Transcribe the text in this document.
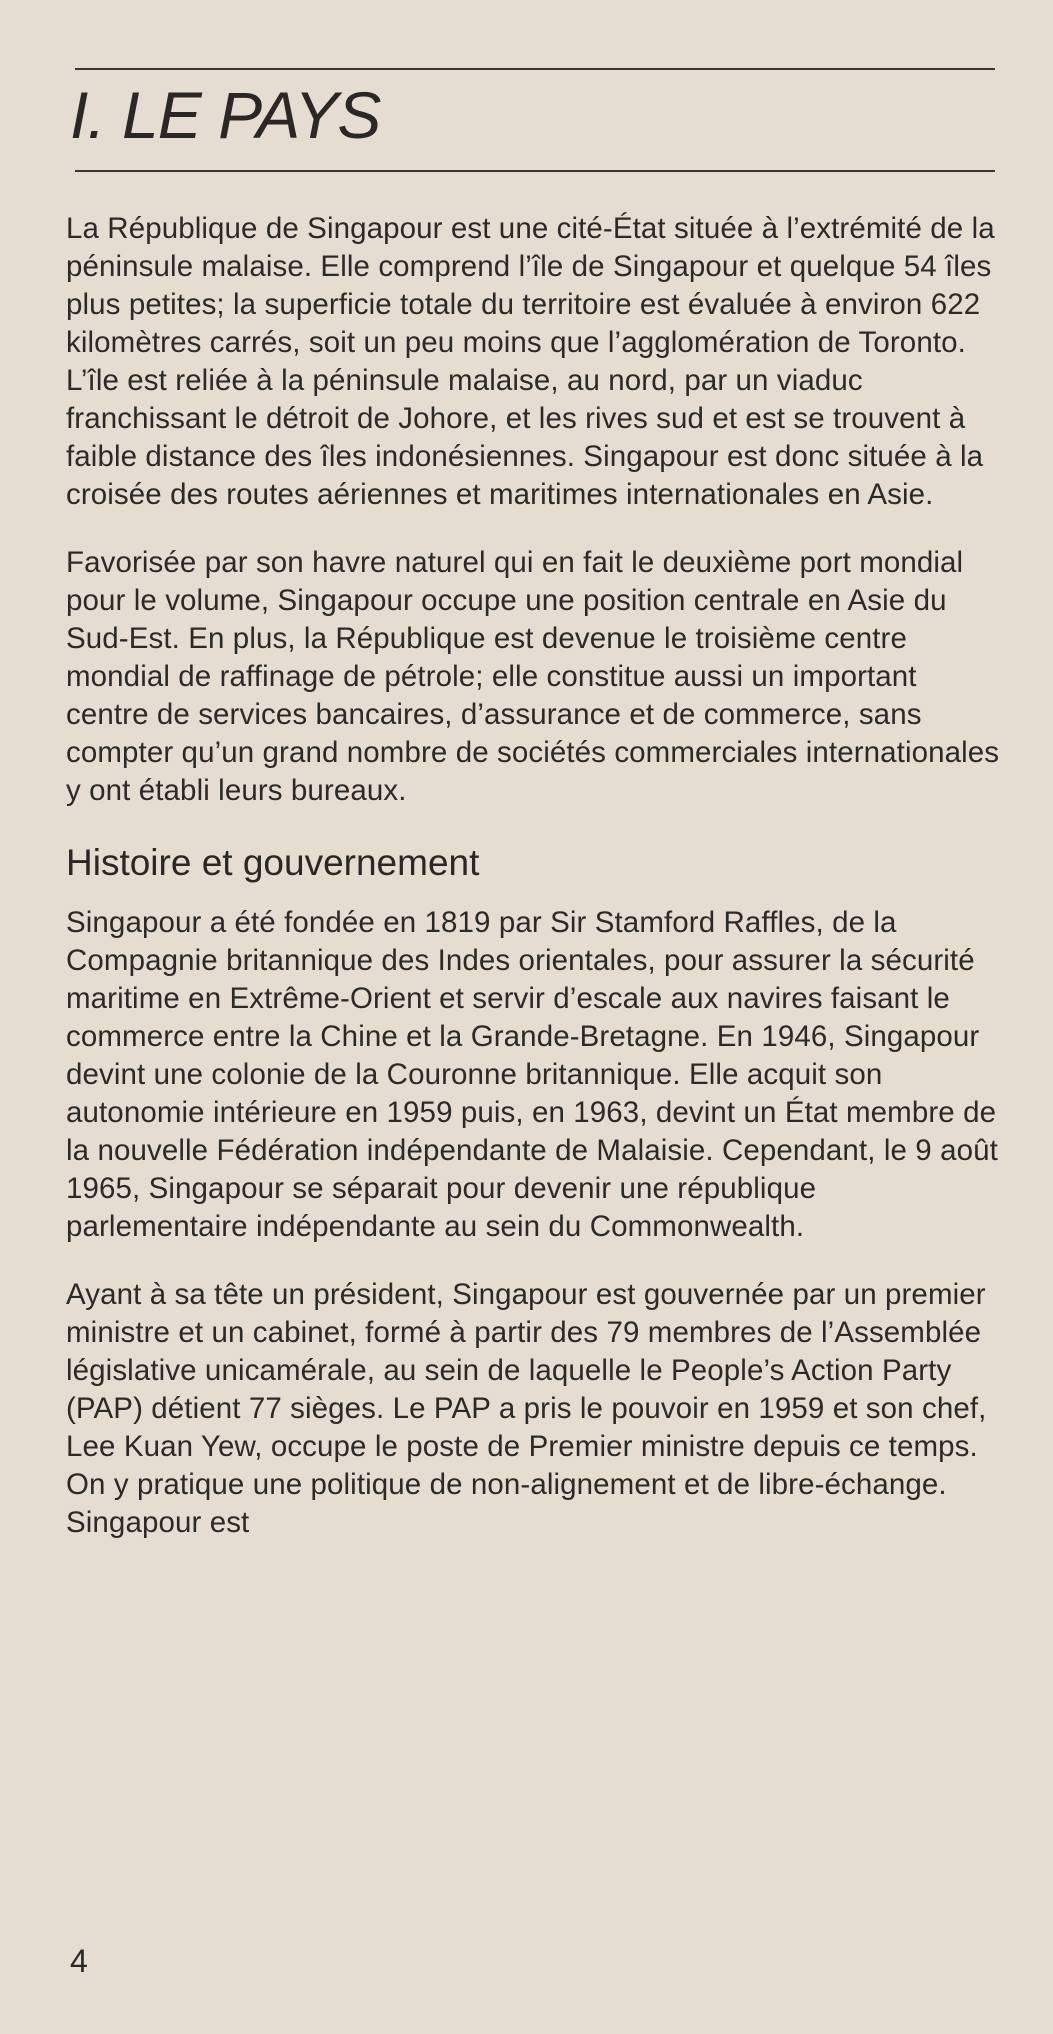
I. LE PAYS

La République de Singapour est une cité-État située à l’extrémité de la péninsule malaise. Elle comprend l’île de Singapour et quelque 54 îles plus petites; la superficie totale du territoire est évaluée à environ 622 kilomètres carrés, soit un peu moins que l’agglomération de Toronto. L’île est reliée à la péninsule malaise, au nord, par un viaduc franchissant le détroit de Johore, et les rives sud et est se trouvent à faible distance des îles indonésiennes. Singapour est donc située à la croisée des routes aériennes et maritimes internationales en Asie.

Favorisée par son havre naturel qui en fait le deuxième port mondial pour le volume, Singapour occupe une position centrale en Asie du Sud-Est. En plus, la République est devenue le troisième centre mondial de raffinage de pétrole; elle constitue aussi un important centre de services bancaires, d’assurance et de commerce, sans compter qu’un grand nombre de sociétés commerciales internationales y ont établi leurs bureaux.

Histoire et gouvernement

Singapour a été fondée en 1819 par Sir Stamford Raffles, de la Compagnie britannique des Indes orientales, pour assurer la sécurité maritime en Extrême-Orient et servir d’escale aux navires faisant le commerce entre la Chine et la Grande-Bretagne. En 1946, Singapour devint une colonie de la Couronne britannique. Elle acquit son autonomie intérieure en 1959 puis, en 1963, devint un État membre de la nouvelle Fédération indépendante de Malaisie. Cependant, le 9 août 1965, Singapour se séparait pour devenir une république parlementaire indépendante au sein du Commonwealth.

Ayant à sa tête un président, Singapour est gouvernée par un premier ministre et un cabinet, formé à partir des 79 membres de l’Assemblée législative unicamérale, au sein de laquelle le People’s Action Party (PAP) détient 77 sièges. Le PAP a pris le pouvoir en 1959 et son chef, Lee Kuan Yew, occupe le poste de Premier ministre depuis ce temps. On y pratique une politique de non-alignement et de libre-échange. Singapour est

4
